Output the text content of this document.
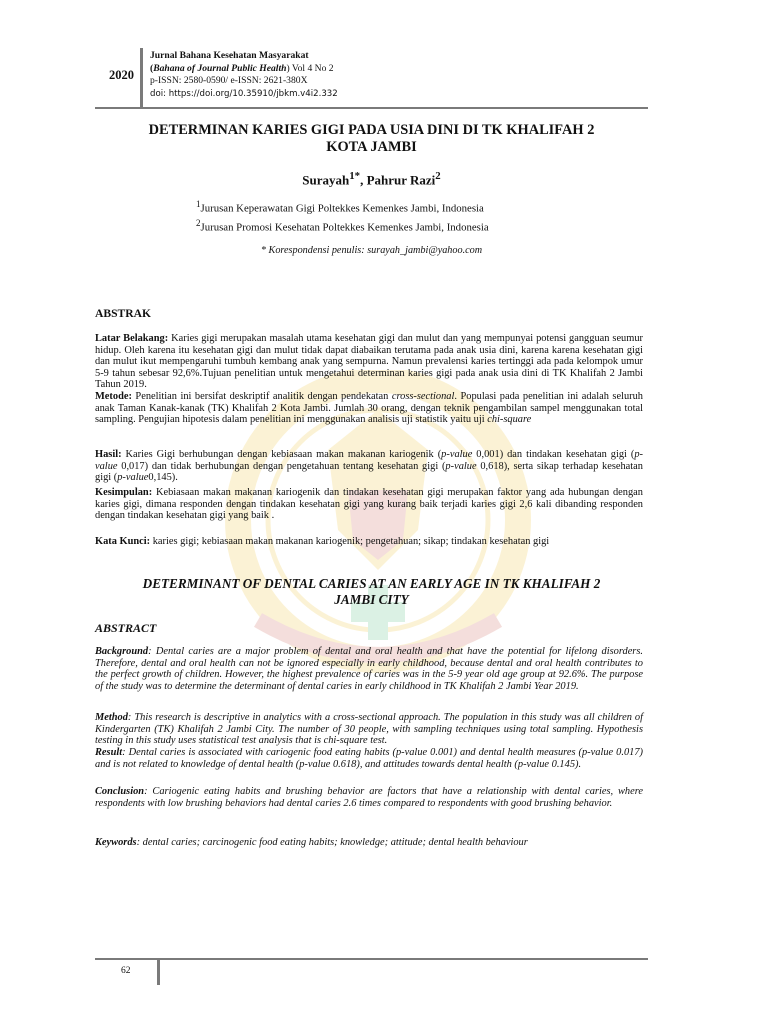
2020
Jurnal Bahana Kesehatan Masyarakat
(Bahana of Journal Public Health) Vol 4 No 2
p-ISSN: 2580-0590/ e-ISSN: 2621-380X
doi: https://doi.org/10.35910/jbkm.v4i2.332
DETERMINAN KARIES GIGI PADA USIA DINI DI TK KHALIFAH 2
KOTA JAMBI
Surayah$^{1*}$, Pahrur Razi$^2$
$^1$Jurusan Keperawatan Gigi Poltekkes Kemenkes Jambi, Indonesia
$^2$Jurusan Promosi Kesehatan Poltekkes Kemenkes Jambi, Indonesia
* Korespondensi penulis: surayah_jambi@yahoo.com
ABSTRAK
Latar Belakang: Karies gigi merupakan masalah utama kesehatan gigi dan mulut dan yang mempunyai potensi gangguan seumur hidup. Oleh karena itu kesehatan gigi dan mulut tidak dapat diabaikan terutama pada anak usia dini, karena karena kesehatan gigi dan mulut ikut mempengaruhi tumbuh kembang anak yang sempurna. Namun prevalensi karies tertinggi ada pada kelompok umur 5-9 tahun sebesar 92,6%.Tujuan penelitian untuk mengetahui determinan karies gigi pada anak usia dini di TK Khalifah 2 Jambi Tahun 2019.
Metode: Penelitian ini bersifat deskriptif analitik dengan pendekatan cross-sectional. Populasi pada penelitian ini adalah seluruh anak Taman Kanak-kanak (TK) Khalifah 2 Kota Jambi. Jumlah 30 orang, dengan teknik pengambilan sampel menggunakan total sampling. Pengujian hipotesis dalam penelitian ini menggunakan analisis uji statistik yaitu uji chi-square
Hasil: Karies Gigi berhubungan dengan kebiasaan makan makanan kariogenik (p-value 0,001) dan tindakan kesehatan gigi (p-value 0,017) dan tidak berhubungan dengan pengetahuan tentang kesehatan gigi (p-value 0,618), serta sikap terhadap kesehatan gigi (p-value0,145).
Kesimpulan: Kebiasaan makan makanan kariogenik dan tindakan kesehatan gigi merupakan faktor yang ada hubungan dengan karies gigi, dimana responden dengan tindakan kesehatan gigi yang kurang baik terjadi karies gigi 2,6 kali dibanding responden dengan tindakan kesehatan gigi yang baik .
Kata Kunci: karies gigi; kebiasaan makan makanan kariogenik; pengetahuan; sikap; tindakan kesehatan gigi
DETERMINANT OF DENTAL CARIES AT AN EARLY AGE IN TK KHALIFAH 2
JAMBI CITY
ABSTRACT
Background: Dental caries are a major problem of dental and oral health and that have the potential for lifelong disorders. Therefore, dental and oral health can not be ignored especially in early childhood, because dental and oral health contributes to the perfect growth of children. However, the highest prevalence of caries was in the 5-9 year old age group at 92.6%. The purpose of the study was to determine the determinant of dental caries in early childhood in TK Khalifah 2 Jambi Year 2019.
Method: This research is descriptive in analytics with a cross-sectional approach. The population in this study was all children of Kindergarten (TK) Khalifah 2 Jambi City. The number of 30 people, with sampling techniques using total sampling. Hypothesis testing in this study uses statistical test analysis that is chi-square test.
Result: Dental caries is associated with cariogenic food eating habits (p-value 0.001) and dental health measures (p-value 0.017) and is not related to knowledge of dental health (p-value 0.618), and attitudes towards dental health (p-value 0.145).
Conclusion: Cariogenic eating habits and brushing behavior are factors that have a relationship with dental caries, where respondents with low brushing behaviors had dental caries 2.6 times compared to respondents with good brushing behavior.
Keywords: dental caries; carcinogenic food eating habits; knowledge; attitude; dental health behaviour
62
